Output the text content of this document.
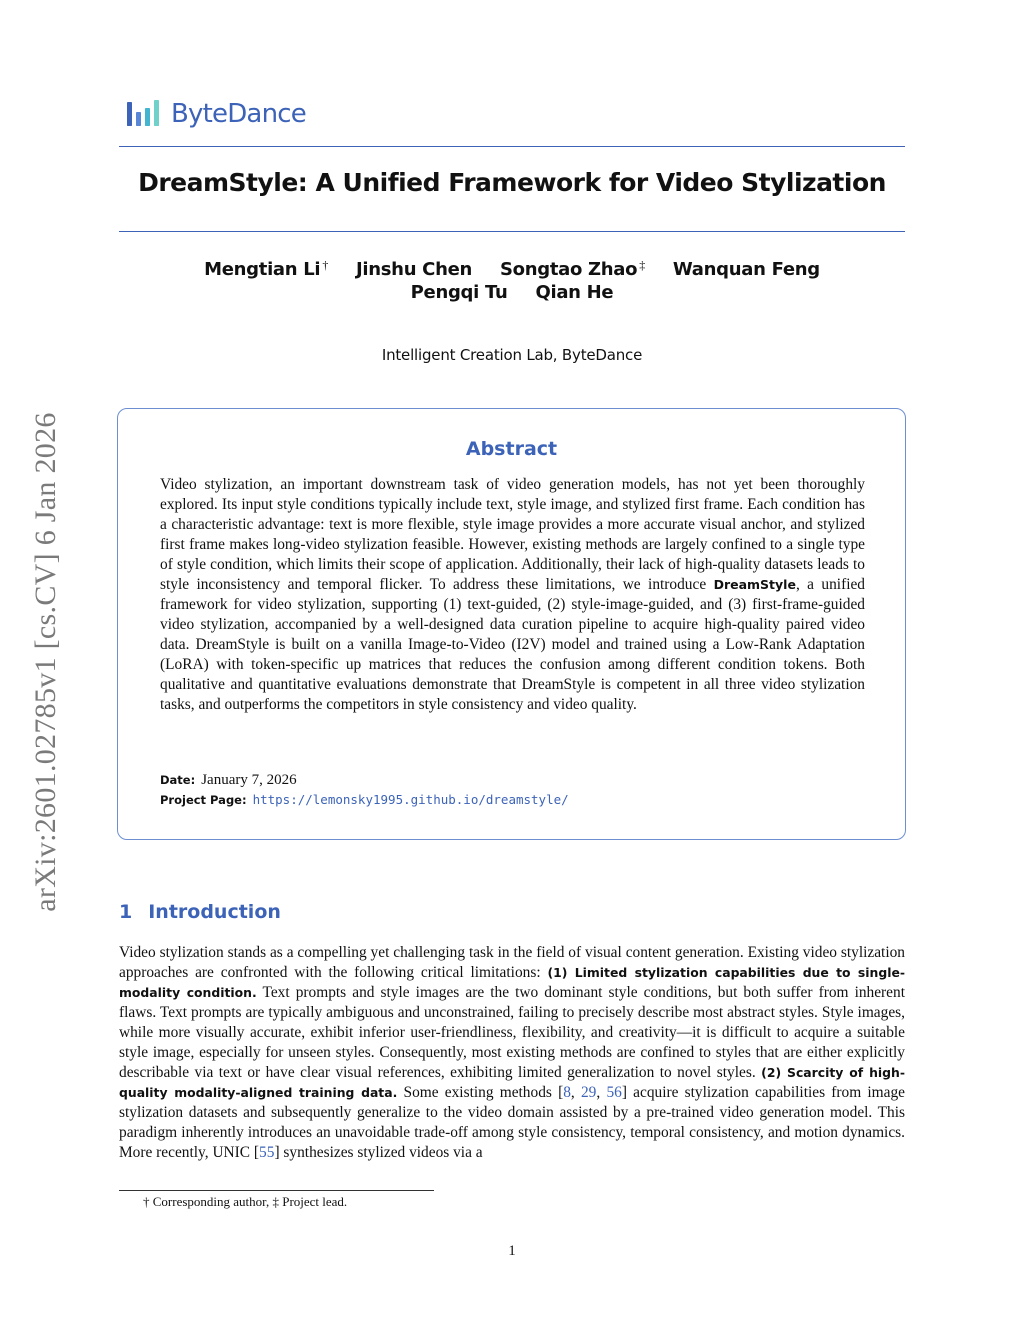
arXiv:2601.02785v1 [cs.CV] 6 Jan 2026
ByteDance
DreamStyle: A Unified Framework for Video Stylization
Mengtian Li † Jinshu Chen Songtao Zhao ‡ Wanquan Feng
Pengqi Tu Qian He
Intelligent Creation Lab, ByteDance
Abstract
Video stylization, an important downstream task of video generation models, has not yet been thoroughly explored. Its input style conditions typically include text, style image, and stylized first frame. Each condition has a characteristic advantage: text is more flexible, style image provides a more accurate visual anchor, and stylized first frame makes long-video stylization feasible. However, existing methods are largely confined to a single type of style condition, which limits their scope of application. Additionally, their lack of high-quality datasets leads to style inconsistency and temporal flicker. To address these limitations, we introduce DreamStyle, a unified framework for video stylization, supporting (1) text-guided, (2) style-image-guided, and (3) first-frame-guided video stylization, accompanied by a well-designed data curation pipeline to acquire high-quality paired video data. DreamStyle is built on a vanilla Image-to-Video (I2V) model and trained using a Low-Rank Adaptation (LoRA) with token-specific up matrices that reduces the confusion among different condition tokens. Both qualitative and quantitative evaluations demonstrate that DreamStyle is competent in all three video stylization tasks, and outperforms the competitors in style consistency and video quality.
Date: January 7, 2026
Project Page: https://lemonsky1995.github.io/dreamstyle/
1 Introduction
Video stylization stands as a compelling yet challenging task in the field of visual content generation. Existing video stylization approaches are confronted with the following critical limitations: (1) Limited stylization capabilities due to single-modality condition. Text prompts and style images are the two dominant style conditions, but both suffer from inherent flaws. Text prompts are typically ambiguous and unconstrained, failing to precisely describe most abstract styles. Style images, while more visually accurate, exhibit inferior user-friendliness, flexibility, and creativity—it is difficult to acquire a suitable style image, especially for unseen styles. Consequently, most existing methods are confined to styles that are either explicitly describable via text or have clear visual references, exhibiting limited generalization to novel styles. (2) Scarcity of high-quality modality-aligned training data. Some existing methods [8, 29, 56] acquire stylization capabilities from image stylization datasets and subsequently generalize to the video domain assisted by a pre-trained video generation model. This paradigm inherently introduces an unavoidable trade-off among style consistency, temporal consistency, and motion dynamics. More recently, UNIC [55] synthesizes stylized videos via a
† Corresponding author, ‡ Project lead.
1
